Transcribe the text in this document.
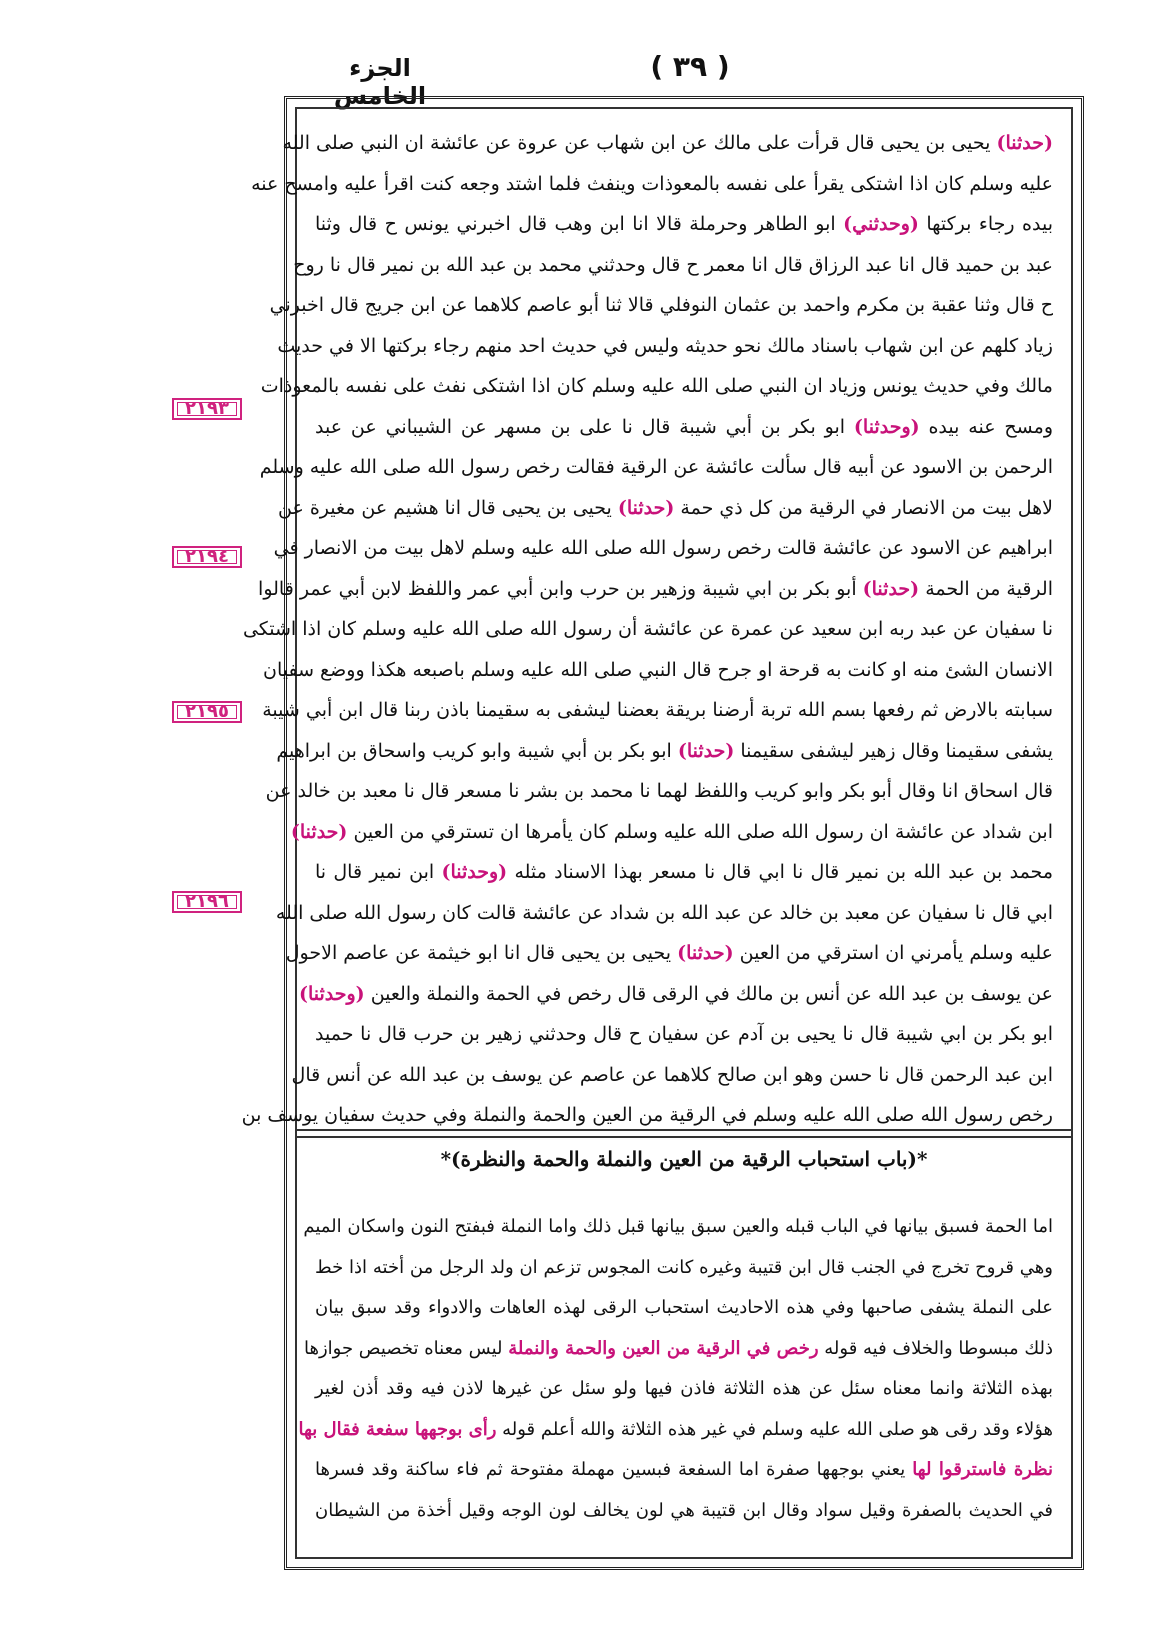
( ٣٩ )
الجزء الخامس
٢١٩٣
٢١٩٤
٢١٩٥
٢١٩٦
(حدثنا) يحيى بن يحيى قال قرأت على مالك عن ابن شهاب عن عروة عن عائشة ان النبي صلى الله
عليه وسلم كان اذا اشتكى يقرأ على نفسه بالمعوذات وينفث فلما اشتد وجعه كنت اقرأ عليه وامسح عنه
بيده رجاء بركتها (وحدثني) ابو الطاهر وحرملة قالا انا ابن وهب قال اخبرني يونس ح قال وثنا
عبد بن حميد قال انا عبد الرزاق قال انا معمر ح قال وحدثني محمد بن عبد الله بن نمير قال نا روح
ح قال وثنا عقبة بن مكرم واحمد بن عثمان النوفلي قالا ثنا أبو عاصم كلاهما عن ابن جريج قال اخبرني
زياد كلهم عن ابن شهاب باسناد مالك نحو حديثه وليس في حديث احد منهم رجاء بركتها الا في حديث
مالك وفي حديث يونس وزياد ان النبي صلى الله عليه وسلم كان اذا اشتكى نفث على نفسه بالمعوذات
ومسح عنه بيده (وحدثنا) ابو بكر بن أبي شيبة قال نا على بن مسهر عن الشيباني عن عبد
الرحمن بن الاسود عن أبيه قال سألت عائشة عن الرقية فقالت رخص رسول الله صلى الله عليه وسلم
لاهل بيت من الانصار في الرقية من كل ذي حمة (حدثنا) يحيى بن يحيى قال انا هشيم عن مغيرة عن
ابراهيم عن الاسود عن عائشة قالت رخص رسول الله صلى الله عليه وسلم لاهل بيت من الانصار في
الرقية من الحمة (حدثنا) أبو بكر بن ابي شيبة وزهير بن حرب وابن أبي عمر واللفظ لابن أبي عمر قالوا
نا سفيان عن عبد ربه ابن سعيد عن عمرة عن عائشة أن رسول الله صلى الله عليه وسلم كان اذا اشتكى
الانسان الشئ منه او كانت به قرحة او جرح قال النبي صلى الله عليه وسلم باصبعه هكذا ووضع سفيان
سبابته بالارض ثم رفعها بسم الله تربة أرضنا بريقة بعضنا ليشفى به سقيمنا باذن ربنا قال ابن أبي شيبة
يشفى سقيمنا وقال زهير ليشفى سقيمنا (حدثنا) ابو بكر بن أبي شيبة وابو كريب واسحاق بن ابراهيم
قال اسحاق انا وقال أبو بكر وابو كريب واللفظ لهما نا محمد بن بشر نا مسعر قال نا معبد بن خالد عن
ابن شداد عن عائشة ان رسول الله صلى الله عليه وسلم كان يأمرها ان تسترقي من العين (حدثنا)
محمد بن عبد الله بن نمير قال نا ابي قال نا مسعر بهذا الاسناد مثله (وحدثنا) ابن نمير قال نا
ابي قال نا سفيان عن معبد بن خالد عن عبد الله بن شداد عن عائشة قالت كان رسول الله صلى الله
عليه وسلم يأمرني ان استرقي من العين (حدثنا) يحيى بن يحيى قال انا ابو خيثمة عن عاصم الاحول
عن يوسف بن عبد الله عن أنس بن مالك في الرقى قال رخص في الحمة والنملة والعين (وحدثنا)
ابو بكر بن ابي شيبة قال نا يحيى بن آدم عن سفيان ح قال وحدثني زهير بن حرب قال نا حميد
ابن عبد الرحمن قال نا حسن وهو ابن صالح كلاهما عن عاصم عن يوسف بن عبد الله عن أنس قال
رخص رسول الله صلى الله عليه وسلم في الرقية من العين والحمة والنملة وفي حديث سفيان يوسف بن
*(باب استحباب الرقية من العين والنملة والحمة والنظرة)*
اما الحمة فسبق بيانها في الباب قبله والعين سبق بيانها قبل ذلك واما النملة فبفتح النون واسكان الميم
وهي قروح تخرج في الجنب قال ابن قتيبة وغيره كانت المجوس تزعم ان ولد الرجل من أخته اذا خط
على النملة يشفى صاحبها وفي هذه الاحاديث استحباب الرقى لهذه العاهات والادواء وقد سبق بيان
ذلك مبسوطا والخلاف فيه قوله رخص في الرقية من العين والحمة والنملة ليس معناه تخصيص جوازها
بهذه الثلاثة وانما معناه سئل عن هذه الثلاثة فاذن فيها ولو سئل عن غيرها لاذن فيه وقد أذن لغير
هؤلاء وقد رقى هو صلى الله عليه وسلم في غير هذه الثلاثة والله أعلم قوله رأى بوجهها سفعة فقال بها
نظرة فاسترقوا لها يعني بوجهها صفرة اما السفعة فبسين مهملة مفتوحة ثم فاء ساكنة وقد فسرها
في الحديث بالصفرة وقيل سواد وقال ابن قتيبة هي لون يخالف لون الوجه وقيل أخذة من الشيطان
